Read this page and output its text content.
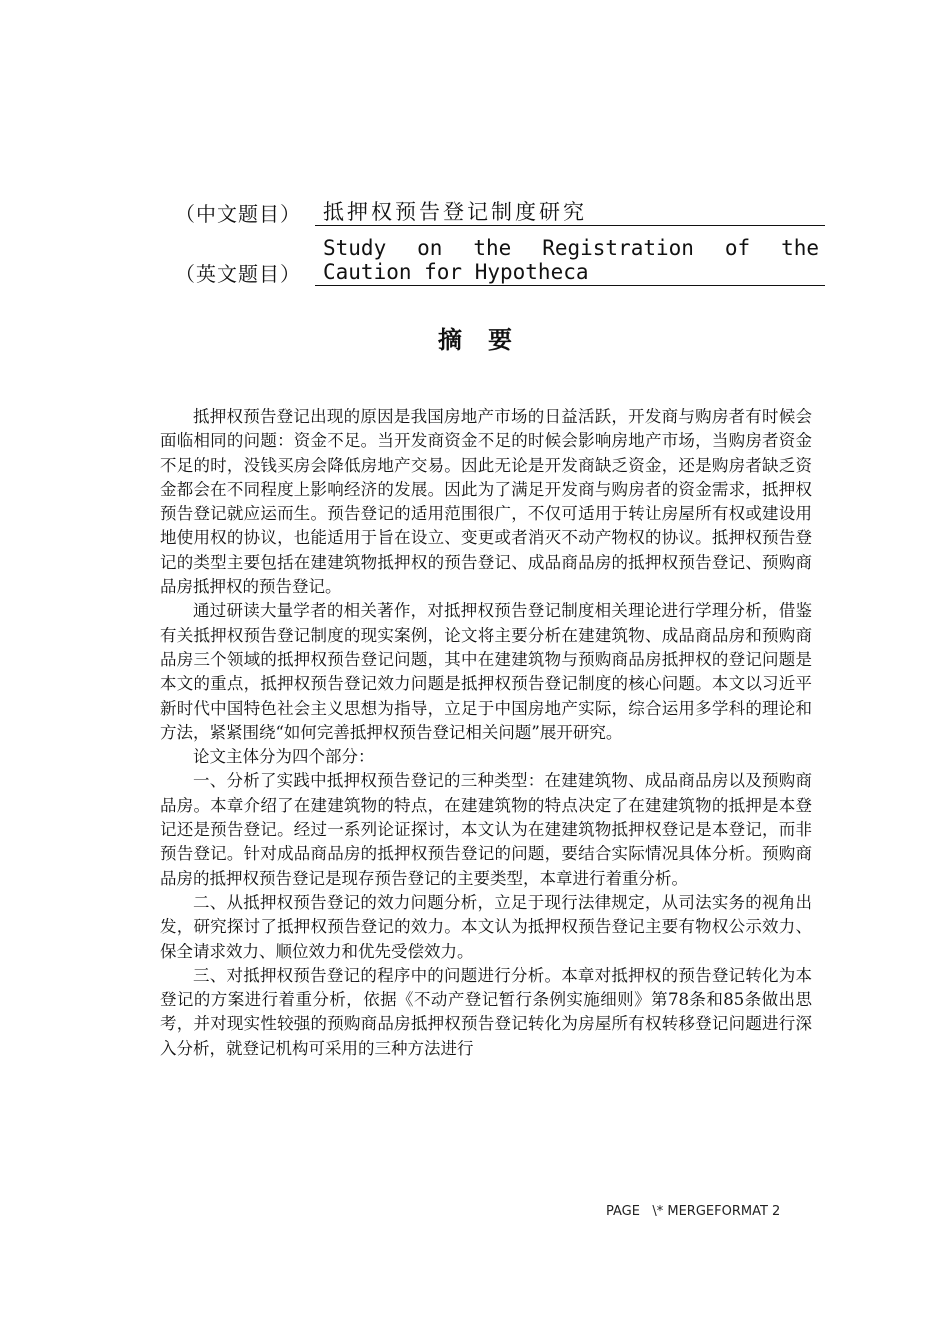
（中文题目）	抵押权预告登记制度研究
（英文题目）
Study on the Registration of the Caution for Hypotheca
摘要

抵押权预告登记出现的原因是我国房地产市场的日益活跃，开发商与购房者有时候会面临相同的问题：资金不足。当开发商资金不足的时候会影响房地产市场，当购房者资金不足的时，没钱买房会降低房地产交易。因此无论是开发商缺乏资金，还是购房者缺乏资金都会在不同程度上影响经济的发展。因此为了满足开发商与购房者的资金需求，抵押权预告登记就应运而生。预告登记的适用范围很广，不仅可适用于转让房屋所有权或建设用地使用权的协议，也能适用于旨在设立、变更或者消灭不动产物权的协议。抵押权预告登记的类型主要包括在建建筑物抵押权的预告登记、成品商品房的抵押权预告登记、预购商品房抵押权的预告登记。

通过研读大量学者的相关著作，对抵押权预告登记制度相关理论进行学理分析，借鉴有关抵押权预告登记制度的现实案例，论文将主要分析在建建筑物、成品商品房和预购商品房三个领域的抵押权预告登记问题，其中在建建筑物与预购商品房抵押权的登记问题是本文的重点，抵押权预告登记效力问题是抵押权预告登记制度的核心问题。本文以习近平新时代中国特色社会主义思想为指导，立足于中国房地产实际，综合运用多学科的理论和方法，紧紧围绕“如何完善抵押权预告登记相关问题”展开研究。

论文主体分为四个部分：

一、分析了实践中抵押权预告登记的三种类型：在建建筑物、成品商品房以及预购商品房。本章介绍了在建建筑物的特点，在建建筑物的特点决定了在建建筑物的抵押是本登记还是预告登记。经过一系列论证探讨，本文认为在建建筑物抵押权登记是本登记，而非预告登记。针对成品商品房的抵押权预告登记的问题，要结合实际情况具体分析。预购商品房的抵押权预告登记是现存预告登记的主要类型，本章进行着重分析。

二、从抵押权预告登记的效力问题分析，立足于现行法律规定，从司法实务的视角出发，研究探讨了抵押权预告登记的效力。本文认为抵押权预告登记主要有物权公示效力、保全请求效力、顺位效力和优先受偿效力。

三、对抵押权预告登记的程序中的问题进行分析。本章对抵押权的预告登记转化为本登记的方案进行着重分析，依据《不动产登记暂行条例实施细则》第78条和85条做出思考，并对现实性较强的预购商品房抵押权预告登记转化为房屋所有权转移登记问题进行深入分析，就登记机构可采用的三种方法进行

PAGE   \* MERGEFORMAT 2
